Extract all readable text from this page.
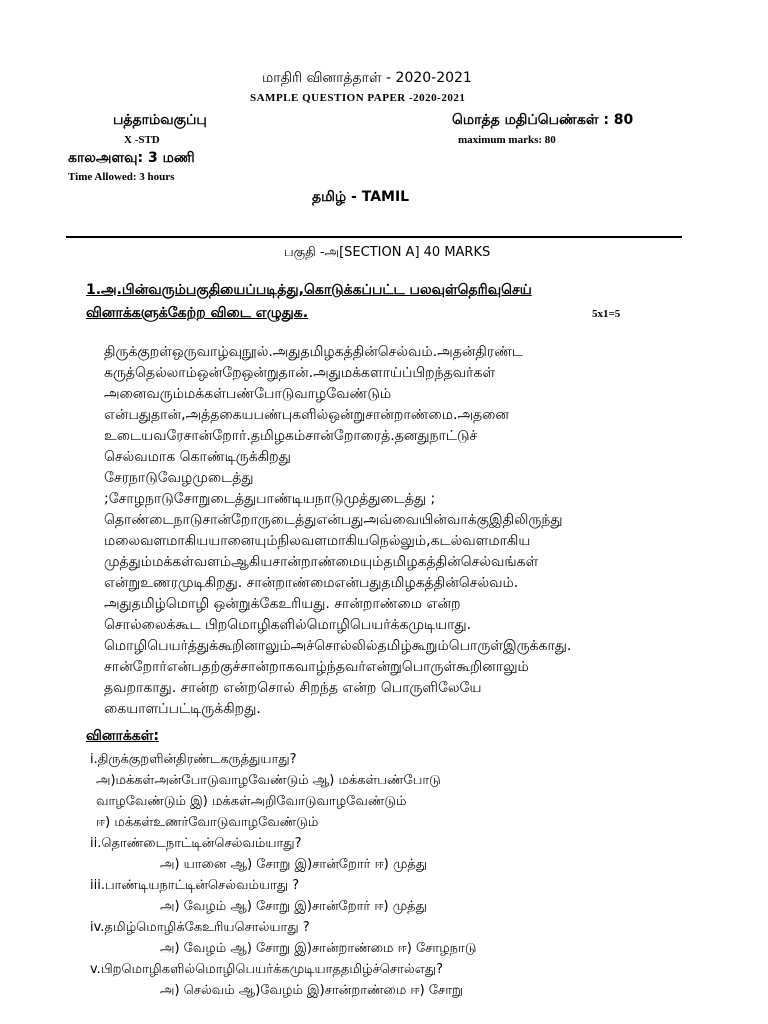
மாதிரி வினாத்தாள் - 2020-2021
SAMPLE QUESTION PAPER -2020-2021
பத்தாம்வகுப்பு	மொத்த மதிப்பெண்கள் : 80
X -STD	maximum marks: 80
காலஅளவு: 3 மணி
Time Allowed: 3 hours
தமிழ் - TAMIL
பகுதி -அ[SECTION A] 40 MARKS
1.அ.பின்வரும்பகுதியைப்படித்து,கொடுக்கப்பட்ட பலவுள்தெரிவுசெய்
வினாக்களுக்கேற்ற விடை எழுதுக.	5x1=5
திருக்குறள்ஒருவாழ்வுநூல்.அதுதமிழகத்தின்செல்வம்.அதன்திரண்ட
கருத்தெல்லாம்ஒன்றேஒன்றுதான்.அதுமக்களாய்ப்பிறந்தவர்கள்
அனைவரும்மக்கள்பண்போடுவாழவேண்டும்
என்பதுதான்,அத்தகையபண்புகளில்ஒன்றுசான்றாண்மை.அதனை
உடையவரேசான்றோர்.தமிழகம்சான்றோரைத்.தனதுநாட்டுச்
செல்வமாக கொண்டிருக்கிறது
சேரநாடுவேழமுடைத்து
;சோழநாடுசோறுடைத்துபாண்டியநாடுமுத்துடைத்து ;
தொண்டைநாடுசான்றோருடைத்துஎன்பதுஅவ்வையின்வாக்குஇதிலிருந்து
மலைவளமாகியயானையும்நிலவளமாகியநெல்லும்,கடல்வளமாகிய
முத்தும்மக்கள்வளம்ஆகியசான்றாண்மையும்தமிழகத்தின்செல்வங்கள்
என்றுஉணரமுடிகிறது. சான்றாண்மைஎன்பதுதமிழகத்தின்செல்வம்.
அதுதமிழ்மொழி ஒன்றுக்கேஉரியது. சான்றாண்மை என்ற
சொல்லைக்கூட பிறமொழிகளில்மொழிபெயர்க்கமுடியாது.
மொழிபெயர்த்துக்கூறினாலும்அச்சொல்லில்தமிழ்கூறும்பொருள்இருக்காது.
சான்றோர்என்பதற்குச்சான்றாகவாழ்ந்தவர்என்றுபொருள்கூறினாலும்
தவறாகாது. சான்ற என்றசொல் சிறந்த என்ற பொருளிலேயே
கையாளப்பட்டிருக்கிறது.
வினாக்கள்:
i.திருக்குறளின்திரண்டகருத்துயாது?
அ)மக்கள்அன்போடுவாழவேண்டும் ஆ) மக்கள்பண்போடு
வாழவேண்டும் இ) மக்கள்அறிவோடுவாழவேண்டும்
ஈ) மக்கள்உணர்வோடுவாழவேண்டும்
ii.தொண்டைநாட்டின்செல்வம்யாது?
அ) யானை ஆ) சோறு இ)சான்றோர் ஈ) முத்து
iii.பாண்டியநாட்டின்செல்வம்யாது ?
அ) வேழம் ஆ) சோறு இ)சான்றோர் ஈ) முத்து
iv.தமிழ்மொழிக்கேஉரியசொல்யாது ?
அ) வேழம் ஆ) சோறு இ)சான்றாண்மை ஈ) சோழநாடு
v.பிறமொழிகளில்மொழிபெயர்க்கமுடியாததமிழ்ச்சொல்எது?
அ) செல்வம் ஆ)வேழம் இ)சான்றாண்மை ஈ) சோறு
